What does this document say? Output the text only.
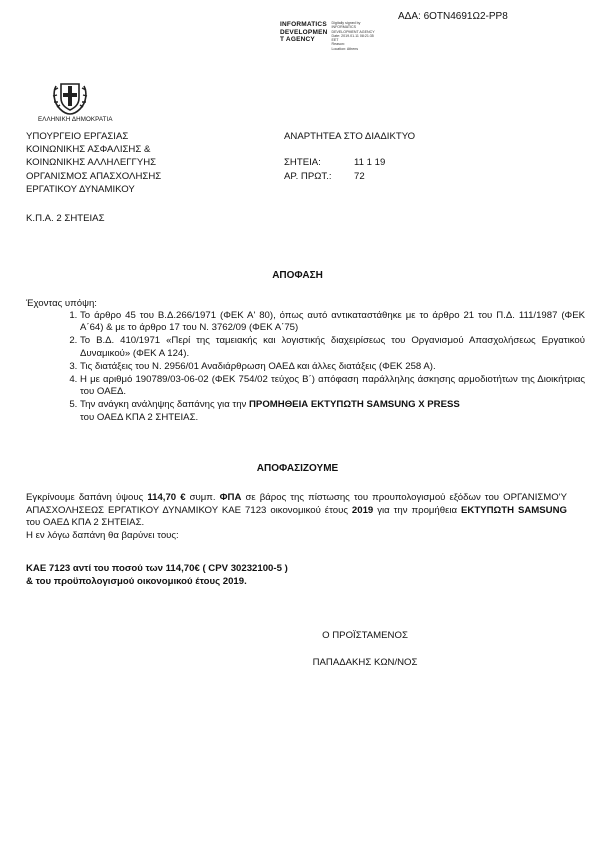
ΑΔΑ: 6ΟΤΝ4691Ω2-PP8
INFORMATICS
DEVELOPMEN
T AGENCY
Digitally signed by
INFORMATICS
DEVELOPMENT AGENCY
Date: 2019.01.11 08:21:35
EET
Reason:
Location: Athens
ΕΛΛΗΝΙΚΗ ΔΗΜΟΚΡΑΤΙΑ
ΥΠΟΥΡΓΕΙΟ ΕΡΓΑΣΙΑΣ
ΚΟΙΝΩΝΙΚΗΣ ΑΣΦΑΛΙΣΗΣ &
ΚΟΙΝΩΝΙΚΗΣ ΑΛΛΗΛΕΓΓΥΗΣ
ΟΡΓΑΝΙΣΜΟΣ ΑΠΑΣΧΟΛΗΣΗΣ
ΕΡΓΑΤΙΚΟΥ ΔΥΝΑΜΙΚΟΥ
ΑΝΑΡΤΗΤΕΑ ΣΤΟ ΔΙΑΔΙΚΤΥΟ
ΣΗΤΕΙΑ:	11 1 19
ΑΡ. ΠΡΩΤ.:	72
Κ.Π.Α. 2 ΣΗΤΕΙΑΣ
ΑΠΟΦΑΣΗ
Έχοντας υπόψη:
1. Το άρθρο 45 του Β.Δ.266/1971 (ΦΕΚ Α' 80), όπως αυτό αντικαταστάθηκε με το άρθρο 21 του Π.Δ. 111/1987 (ΦΕΚ Α΄64) & με το άρθρο 17 του Ν. 3762/09 (ΦΕΚ Α΄75)
2. Το Β.Δ. 410/1971 «Περί της ταμειακής και λογιστικής διαχειρίσεως του Οργανισμού Απασχολήσεως Εργατικού Δυναμικού» (ΦΕΚ Α 124).
3. Τις διατάξεις του Ν. 2956/01 Αναδιάρθρωση ΟΑΕΔ και άλλες διατάξεις (ΦΕΚ 258 Α).
4. Η με αριθμό 190789/03-06-02 (ΦΕΚ 754/02 τεύχος Β΄) απόφαση παράλληλης άσκησης αρμοδιοτήτων της Διοικήτριας του ΟΑΕΔ.
5. Την ανάγκη ανάληψης δαπάνης για την ΠΡΟΜΗΘΕΙΑ ΕΚΤΥΠΩΤΗ SAMSUNG X PRESS
του ΟΑΕΔ ΚΠΑ 2 ΣΗΤΕΙΑΣ.
ΑΠΟΦΑΣΙΖΟΥΜΕ

Εγκρίνουμε δαπάνη ύψους 114,70 € συμπ. ΦΠΑ σε βάρος της πίστωσης του προυπολογισμού εξόδων του ΟΡΓΑΝΙΣΜΟ'Υ ΑΠΑΣΧΟΛΗΣΕΩΣ ΕΡΓΑΤΙΚΟΥ ΔΥΝΑΜΙΚΟΥ ΚΑΕ 7123 οικονομικού έτους 2019 για την προμήθεια ΕΚΤΥΠΩΤΗ SAMSUNG του ΟΑΕΔ ΚΠΑ 2 ΣΗΤΕΙΑΣ.

Η εν λόγω δαπάνη θα βαρύνει τους:

ΚΑΕ 7123 αντί του ποσού των 114,70€ ( CPV 30232100-5 )
& του προϋπολογισμού οικονομικού έτους 2019.
Ο ΠΡΟΪΣΤΑΜΕΝΟΣ
ΠΑΠΑΔΑΚΗΣ ΚΩΝ/ΝΟΣ
